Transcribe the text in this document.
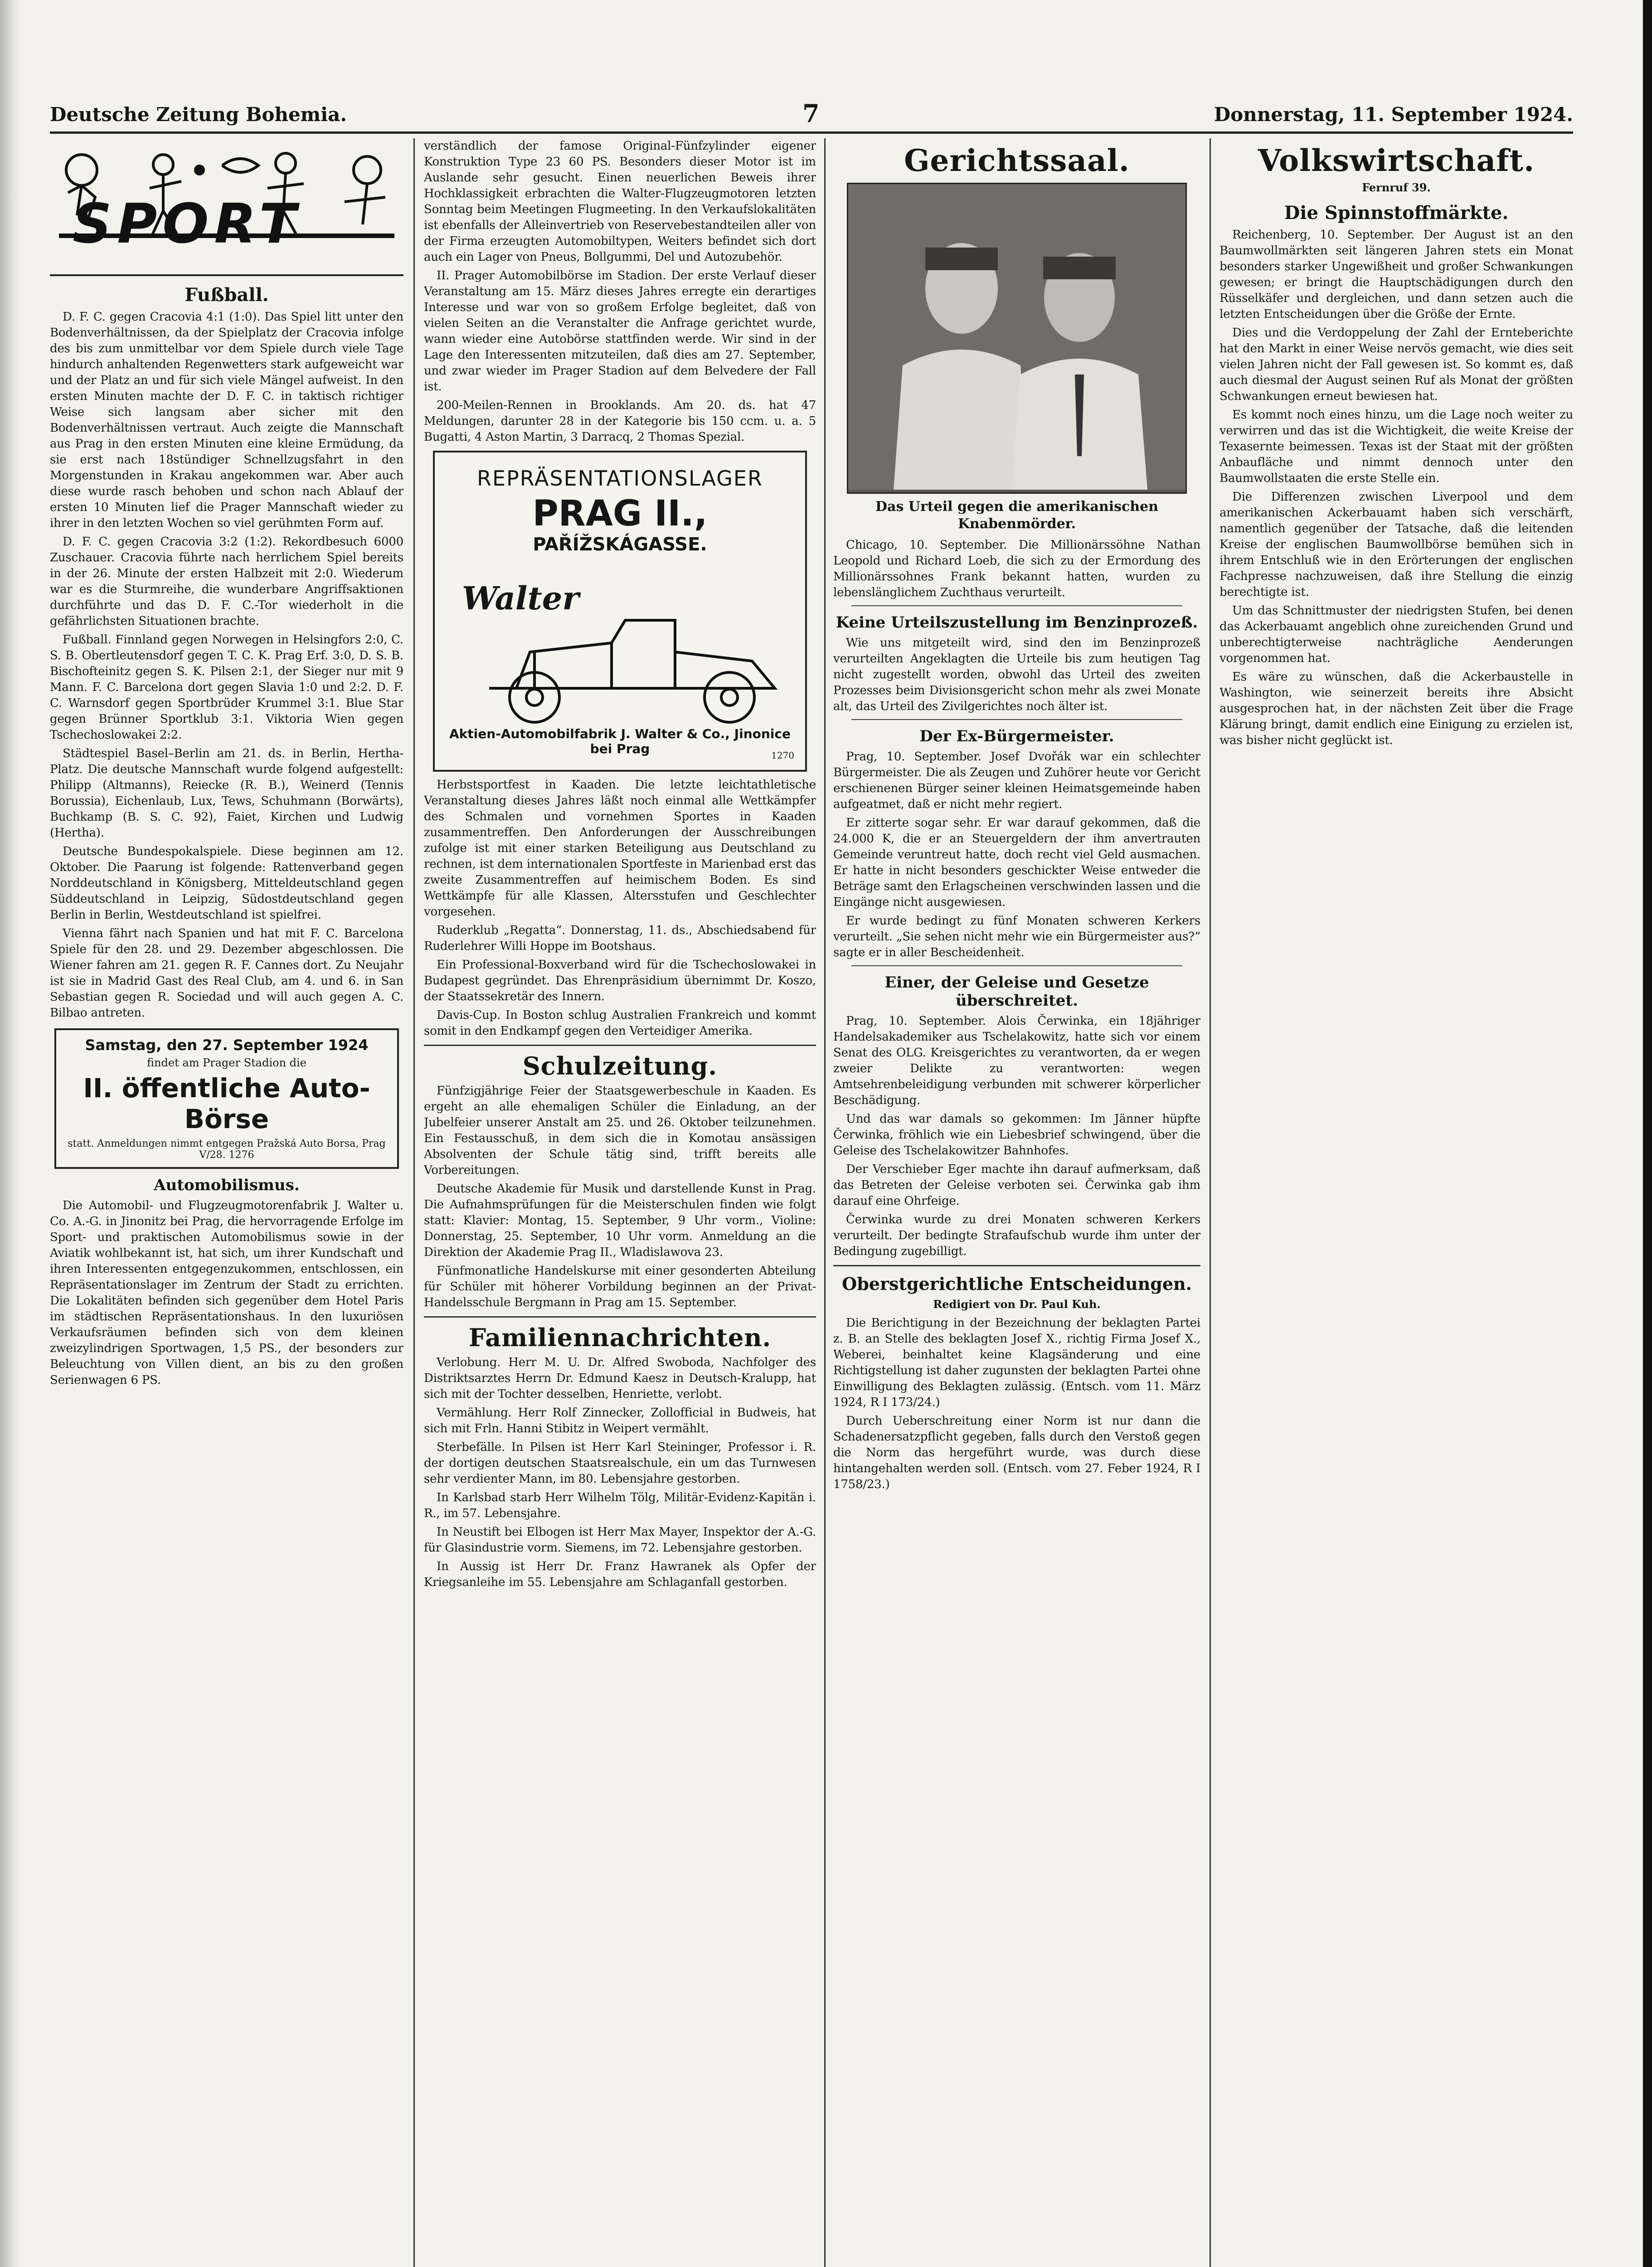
Deutsche Zeitung Bohemia.	7	Donnerstag, 11. September 1924.
SPORT
Fußball.

D. F. C. gegen Cracovia 4:1 (1:0). Das Spiel litt unter den Bodenverhältnissen, da der Spielplatz der Cracovia infolge des bis zum unmittelbar vor dem Spiele durch viele Tage hindurch anhaltenden Regenwetters stark aufgeweicht war und der Platz an und für sich viele Mängel aufweist. In den ersten Minuten machte der D. F. C. in taktisch richtiger Weise sich langsam aber sicher mit den Bodenverhältnissen vertraut. Auch zeigte die Mannschaft aus Prag in den ersten Minuten eine kleine Ermüdung, da sie erst nach 18stündiger Schnellzugsfahrt in den Morgenstunden in Krakau angekommen war. Aber auch diese wurde rasch behoben und schon nach Ablauf der ersten 10 Minuten lief die Prager Mannschaft wieder zu ihrer in den letzten Wochen so viel gerühmten Form auf.

D. F. C. gegen Cracovia 3:2 (1:2). Rekordbesuch 6000 Zuschauer. Cracovia führte nach herrlichem Spiel bereits in der 26. Minute der ersten Halbzeit mit 2:0. Wiederum war es die Sturmreihe, die wunderbare Angriffsaktionen durchführte und das D. F. C.-Tor wiederholt in die gefährlichsten Situationen brachte.

Fußball. Finnland gegen Norwegen in Helsingfors 2:0, C. S. B. Obertleutensdorf gegen T. C. K. Prag Erf. 3:0, D. S. B. Bischofteinitz gegen S. K. Pilsen 2:1, der Sieger nur mit 9 Mann. F. C. Barcelona dort gegen Slavia 1:0 und 2:2. D. F. C. Warnsdorf gegen Sportbrüder Krummel 3:1. Blue Star gegen Brünner Sportklub 3:1. Viktoria Wien gegen Tschechoslowakei 2:2.

Städtespiel Basel–Berlin am 21. ds. in Berlin, Hertha-Platz. Die deutsche Mannschaft wurde folgend aufgestellt: Philipp (Altmanns), Reiecke (R. B.), Weinerd (Tennis Borussia), Eichenlaub, Lux, Tews, Schuhmann (Borwärts), Buchkamp (B. S. C. 92), Faiet, Kirchen und Ludwig (Hertha).

Deutsche Bundespokalspiele. Diese beginnen am 12. Oktober. Die Paarung ist folgende: Rattenverband gegen Norddeutschland in Königsberg, Mitteldeutschland gegen Süddeutschland in Leipzig, Südostdeutschland gegen Berlin in Berlin, Westdeutschland ist spielfrei.

Vienna fährt nach Spanien und hat mit F. C. Barcelona Spiele für den 28. und 29. Dezember abgeschlossen. Die Wiener fahren am 21. gegen R. F. Cannes dort. Zu Neujahr ist sie in Madrid Gast des Real Club, am 4. und 6. in San Sebastian gegen R. Sociedad und will auch gegen A. C. Bilbao antreten.

Samstag, den 27. September 1924
findet am Prager Stadion die
II. öffentliche Auto-Börse
statt. Anmeldungen nimmt entgegen Pražská Auto Borsa, Prag V/28. 1276
Automobilismus.

Die Automobil- und Flugzeugmotorenfabrik J. Walter u. Co. A.-G. in Jinonitz bei Prag, die hervorragende Erfolge im Sport- und praktischen Automobilismus sowie in der Aviatik wohlbekannt ist, hat sich, um ihrer Kundschaft und ihren Interessenten entgegenzukommen, entschlossen, ein Repräsentationslager im Zentrum der Stadt zu errichten. Die Lokalitäten befinden sich gegenüber dem Hotel Paris im städtischen Repräsentationshaus. In den luxuriösen Verkaufsräumen befinden sich von dem kleinen zweizylindrigen Sportwagen, 1,5 PS., der besonders zur Beleuchtung von Villen dient, an bis zu den großen Serienwagen 6 PS.

verständlich der famose Original-Fünfzylinder eigener Konstruktion Type 23 60 PS. Besonders dieser Motor ist im Auslande sehr gesucht. Einen neuerlichen Beweis ihrer Hochklassigkeit erbrachten die Walter-Flugzeugmotoren letzten Sonntag beim Meetingen Flugmeeting. In den Verkaufslokalitäten ist ebenfalls der Alleinvertrieb von Reservebestandteilen aller von der Firma erzeugten Automobiltypen, Weiters befindet sich dort auch ein Lager von Pneus, Bollgummi, Del und Autozubehör.

II. Prager Automobilbörse im Stadion. Der erste Verlauf dieser Veranstaltung am 15. März dieses Jahres erregte ein derartiges Interesse und war von so großem Erfolge begleitet, daß von vielen Seiten an die Veranstalter die Anfrage gerichtet wurde, wann wieder eine Autobörse stattfinden werde. Wir sind in der Lage den Interessenten mitzuteilen, daß dies am 27. September, und zwar wieder im Prager Stadion auf dem Belvedere der Fall ist.

200-Meilen-Rennen in Brooklands. Am 20. ds. hat 47 Meldungen, darunter 28 in der Kategorie bis 150 ccm. u. a. 5 Bugatti, 4 Aston Martin, 3 Darracq, 2 Thomas Spezial.

REPRÄSENTATIONSLAGER
PRAG II.,
PAŘÍŽSKÁGASSE.
Walter
Aktien-Automobilfabrik J. Walter & Co., Jinonice bei Prag	1270

Herbstsportfest in Kaaden. Die letzte leichtathletische Veranstaltung dieses Jahres läßt noch einmal alle Wettkämpfer des Schmalen und vornehmen Sportes in Kaaden zusammentreffen. Den Anforderungen der Ausschreibungen zufolge ist mit einer starken Beteiligung aus Deutschland zu rechnen, ist dem internationalen Sportfeste in Marienbad erst das zweite Zusammentreffen auf heimischem Boden. Es sind Wettkämpfe für alle Klassen, Altersstufen und Geschlechter vorgesehen.

Ruderklub „Regatta“. Donnerstag, 11. ds., Abschiedsabend für Ruderlehrer Willi Hoppe im Bootshaus.

Ein Professional-Boxverband wird für die Tschechoslowakei in Budapest gegründet. Das Ehrenpräsidium übernimmt Dr. Koszo, der Staatssekretär des Innern.

Davis-Cup. In Boston schlug Australien Frankreich und kommt somit in den Endkampf gegen den Verteidiger Amerika.

Schulzeitung.

Fünfzigjährige Feier der Staatsgewerbeschule in Kaaden. Es ergeht an alle ehemaligen Schüler die Einladung, an der Jubelfeier unserer Anstalt am 25. und 26. Oktober teilzunehmen. Ein Festausschuß, in dem sich die in Komotau ansässigen Absolventen der Schule tätig sind, trifft bereits alle Vorbereitungen.

Deutsche Akademie für Musik und darstellende Kunst in Prag. Die Aufnahmsprüfungen für die Meisterschulen finden wie folgt statt: Klavier: Montag, 15. September, 9 Uhr vorm., Violine: Donnerstag, 25. September, 10 Uhr vorm. Anmeldung an die Direktion der Akademie Prag II., Wladislawova 23.

Fünfmonatliche Handelskurse mit einer gesonderten Abteilung für Schüler mit höherer Vorbildung beginnen an der Privat-Handelsschule Bergmann in Prag am 15. September.

Familiennachrichten.

Verlobung. Herr M. U. Dr. Alfred Swoboda, Nachfolger des Distriktsarztes Herrn Dr. Edmund Kaesz in Deutsch-Kralupp, hat sich mit der Tochter desselben, Henriette, verlobt.

Vermählung. Herr Rolf Zinnecker, Zollofficial in Budweis, hat sich mit Frln. Hanni Stibitz in Weipert vermählt.

Sterbefälle. In Pilsen ist Herr Karl Steininger, Professor i. R. der dortigen deutschen Staatsrealschule, ein um das Turnwesen sehr verdienter Mann, im 80. Lebensjahre gestorben.

In Karlsbad starb Herr Wilhelm Tölg, Militär-Evidenz-Kapitän i. R., im 57. Lebensjahre.

In Neustift bei Elbogen ist Herr Max Mayer, Inspektor der A.-G. für Glasindustrie vorm. Siemens, im 72. Lebensjahre gestorben.

In Aussig ist Herr Dr. Franz Hawranek als Opfer der Kriegsanleihe im 55. Lebensjahre am Schlaganfall gestorben.

Gerichtssaal.
Das Urteil gegen die amerikanischen Knabenmörder.

Chicago, 10. September. Die Millionärssöhne Nathan Leopold und Richard Loeb, die sich zu der Ermordung des Millionärssohnes Frank bekannt hatten, wurden zu lebenslänglichem Zuchthaus verurteilt.

Keine Urteilszustellung im Benzinprozeß.

Wie uns mitgeteilt wird, sind den im Benzinprozeß verurteilten Angeklagten die Urteile bis zum heutigen Tag nicht zugestellt worden, obwohl das Urteil des zweiten Prozesses beim Divisionsgericht schon mehr als zwei Monate alt, das Urteil des Zivilgerichtes noch älter ist.

Der Ex-Bürgermeister.

Prag, 10. September. Josef Dvořák war ein schlechter Bürgermeister. Die als Zeugen und Zuhörer heute vor Gericht erschienenen Bürger seiner kleinen Heimatsgemeinde haben aufgeatmet, daß er nicht mehr regiert.

Er zitterte sogar sehr. Er war darauf gekommen, daß die 24.000 K, die er an Steuergeldern der ihm anvertrauten Gemeinde veruntreut hatte, doch recht viel Geld ausmachen. Er hatte in nicht besonders geschickter Weise entweder die Beträge samt den Erlagscheinen verschwinden lassen und die Eingänge nicht ausgewiesen.

Er wurde bedingt zu fünf Monaten schweren Kerkers verurteilt. „Sie sehen nicht mehr wie ein Bürgermeister aus?“ sagte er in aller Bescheidenheit.

Einer, der Geleise und Gesetze überschreitet.

Prag, 10. September. Alois Čerwinka, ein 18jähriger Handelsakademiker aus Tschelakowitz, hatte sich vor einem Senat des OLG. Kreisgerichtes zu verantworten, da er wegen zweier Delikte zu verantworten: wegen Amtsehrenbeleidigung verbunden mit schwerer körperlicher Beschädigung.

Und das war damals so gekommen: Im Jänner hüpfte Čerwinka, fröhlich wie ein Liebesbrief schwingend, über die Geleise des Tschelakowitzer Bahnhofes.

Der Verschieber Eger machte ihn darauf aufmerksam, daß das Betreten der Geleise verboten sei. Čerwinka gab ihm darauf eine Ohrfeige.

Čerwinka wurde zu drei Monaten schweren Kerkers verurteilt. Der bedingte Strafaufschub wurde ihm unter der Bedingung zugebilligt.

Oberstgerichtliche Entscheidungen.
Redigiert von Dr. Paul Kuh.

Die Berichtigung in der Bezeichnung der beklagten Partei z. B. an Stelle des beklagten Josef X., richtig Firma Josef X., Weberei, beinhaltet keine Klagsänderung und eine Richtigstellung ist daher zugunsten der beklagten Partei ohne Einwilligung des Beklagten zulässig. (Entsch. vom 11. März 1924, R I 173/24.)

Durch Ueberschreitung einer Norm ist nur dann die Schadenersatzpflicht gegeben, falls durch den Verstoß gegen die Norm das hergeführt wurde, was durch diese hintangehalten werden soll. (Entsch. vom 27. Feber 1924, R I 1758/23.)

Volkswirtschaft.
Fernruf 39.
Die Spinnstoffmärkte.

Reichenberg, 10. September. Der August ist an den Baumwollmärkten seit längeren Jahren stets ein Monat besonders starker Ungewißheit und großer Schwankungen gewesen; er bringt die Hauptschädigungen durch den Rüsselkäfer und dergleichen, und dann setzen auch die letzten Entscheidungen über die Größe der Ernte.

Dies und die Verdoppelung der Zahl der Ernteberichte hat den Markt in einer Weise nervös gemacht, wie dies seit vielen Jahren nicht der Fall gewesen ist. So kommt es, daß auch diesmal der August seinen Ruf als Monat der größten Schwankungen erneut bewiesen hat.

Es kommt noch eines hinzu, um die Lage noch weiter zu verwirren und das ist die Wichtigkeit, die weite Kreise der Texasernte beimessen. Texas ist der Staat mit der größten Anbaufläche und nimmt dennoch unter den Baumwollstaaten die erste Stelle ein.

Die Differenzen zwischen Liverpool und dem amerikanischen Ackerbauamt haben sich verschärft, namentlich gegenüber der Tatsache, daß die leitenden Kreise der englischen Baumwollbörse bemühen sich in ihrem Entschluß wie in den Erörterungen der englischen Fachpresse nachzuweisen, daß ihre Stellung die einzig berechtigte ist.

Um das Schnittmuster der niedrigsten Stufen, bei denen das Ackerbauamt angeblich ohne zureichenden Grund und unberechtigterweise nachträgliche Aenderungen vorgenommen hat.

Es wäre zu wünschen, daß die Ackerbaustelle in Washington, wie seinerzeit bereits ihre Absicht ausgesprochen hat, in der nächsten Zeit über die Frage Klärung bringt, damit endlich eine Einigung zu erzielen ist, was bisher nicht geglückt ist.
